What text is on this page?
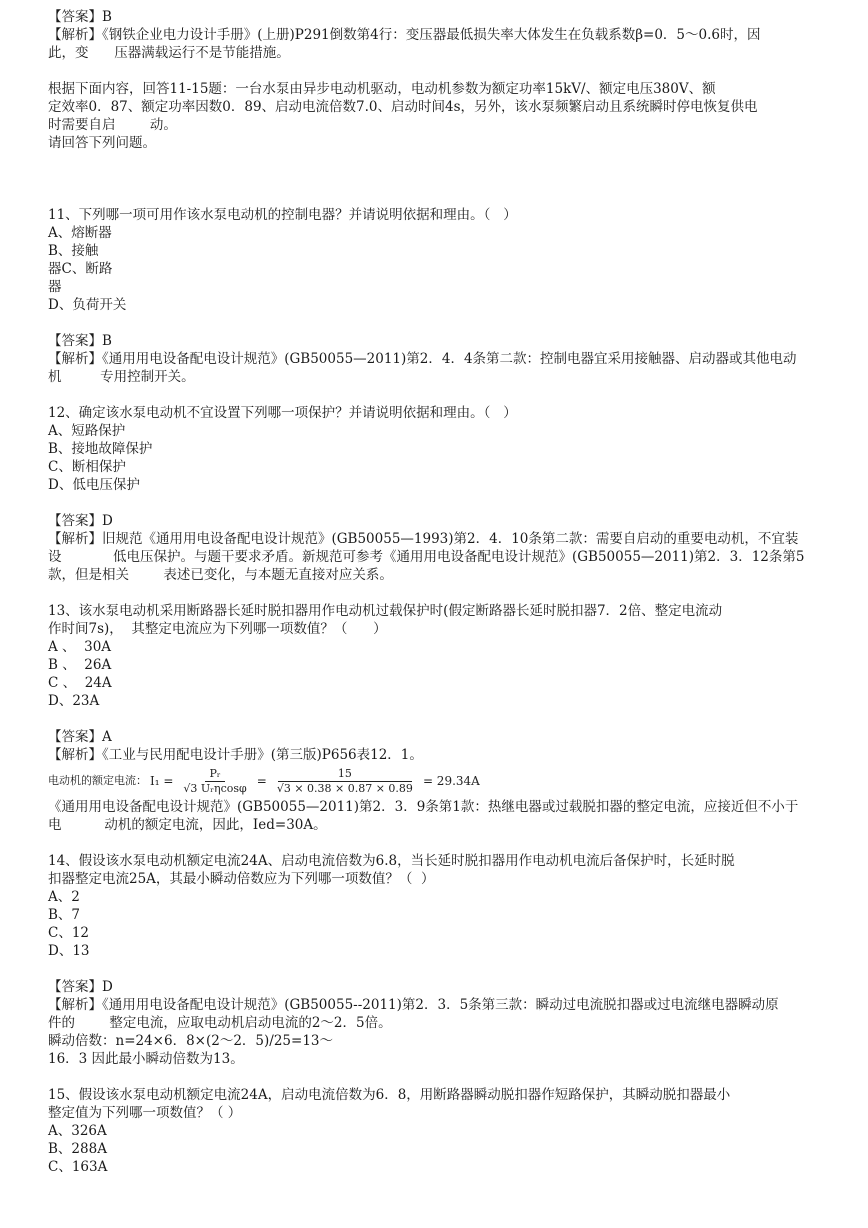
【答案】B
【解析】《钢铁企业电力设计手册》(上册)P291倒数第4行：变压器最低损失率大体发生在负载系数β=0．5～0.6时，因
此，变      压器满载运行不是节能措施。
根据下面内容，回答11-15题：一台水泵由异步电动机驱动，电动机参数为额定功率15kV/、额定电压380V、额
定效率0．87、额定功率因数0．89、启动电流倍数7.0、启动时间4s，另外，该水泵频繁启动且系统瞬时停电恢复供电
时需要自启        动。
请回答下列问题。
11、下列哪一项可用作该水泵电动机的控制电器？并请说明依据和理由。（   ）
A、熔断器
B、接触
器C、断路
器
D、负荷开关
【答案】B
【解析】《通用用电设备配电设计规范》(GB50055—2011)第2．4．4条第二款：控制电器宜采用接触器、启动器或其他电动
机         专用控制开关。
12、确定该水泵电动机不宜设置下列哪一项保护？并请说明依据和理由。（   ）
A、短路保护
B、接地故障保护
C、断相保护
D、低电压保护
【答案】D
【解析】旧规范《通用用电设备配电设计规范》(GB50055—1993)第2．4．10条第二款：需要自启动的重要电动机，不宜装
设            低电压保护。与题干要求矛盾。新规范可参考《通用用电设备配电设计规范》(GB50055—2011)第2．3．12条第5
款，但是相关        表述已变化，与本题无直接对应关系。
13、该水泵电动机采用断路器长延时脱扣器用作电动机过载保护时(假定断路器长延时脱扣器7．2倍、整定电流动
作时间7s)，  其整定电流应为下列哪一项数值？（      ）
A 、  30A
B 、  26A
C 、  24A
D、23A
【答案】A
【解析】《工业与民用配电设计手册》(第三版)P656表12．1。
电动机的额定电流： $I_1 = \frac{\text{Pᵣ}}{\text{√3 Uᵣηcosφ}} = \frac{15}{√3 \times 0.38 \times 0.87 \times 0.89} = 29.34A$
《通用用电设备配电设计规范》(GB50055—2011)第2．3．9条第1款：热继电器或过载脱扣器的整定电流，应接近但不小于
电          动机的额定电流，因此，Ied=30A。
14、假设该水泵电动机额定电流24A、启动电流倍数为6.8，当长延时脱扣器用作电动机电流后备保护时，长延时脱
扣器整定电流25A，其最小瞬动倍数应为下列哪一项数值？（  ）
A、2
B、7
C、12
D、13
【答案】D
【解析】《通用用电设备配电设计规范》(GB50055--2011)第2．3．5条第三款：瞬动过电流脱扣器或过电流继电器瞬动原
件的        整定电流，应取电动机启动电流的2～2．5倍。
瞬动倍数：n=24×6．8×(2～2．5)/25=13～
16．3 因此最小瞬动倍数为13。
15、假设该水泵电动机额定电流24A，启动电流倍数为6．8，用断路器瞬动脱扣器作短路保护，其瞬动脱扣器最小
整定值为下列哪一项数值？（ ）
A、326A
B、288A
C、163A
